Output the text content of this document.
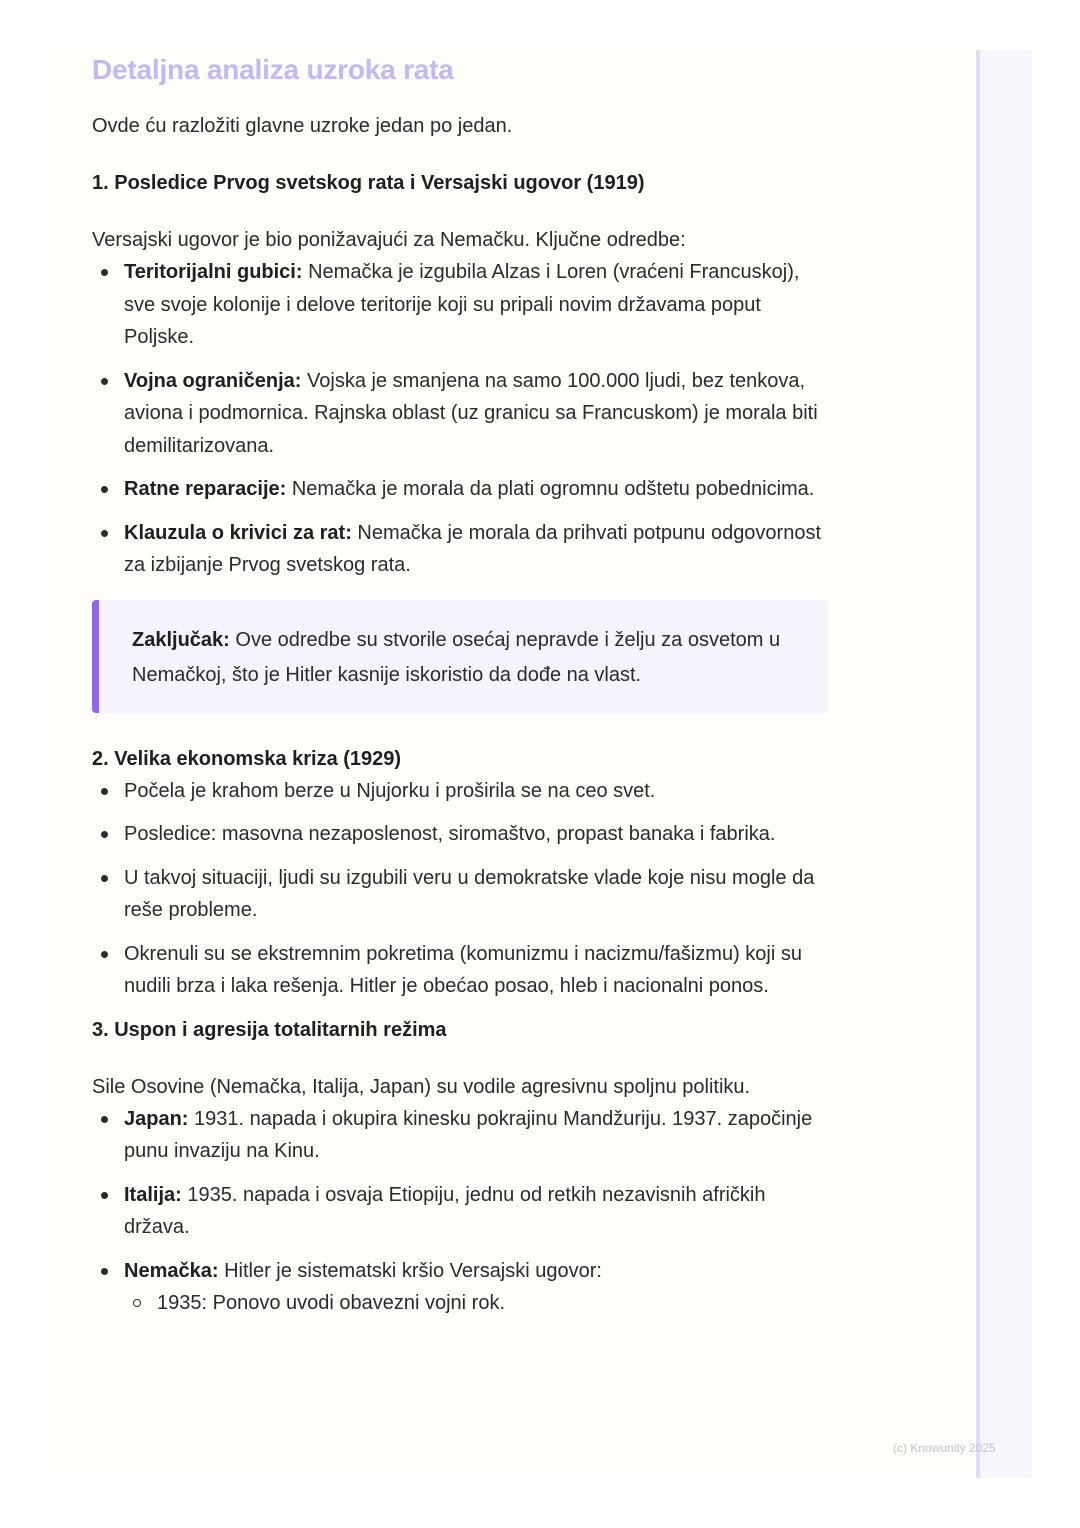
Detaljna analiza uzroka rata

Ovde ću razložiti glavne uzroke jedan po jedan.

1. Posledice Prvog svetskog rata i Versajski ugovor (1919)

Versajski ugovor je bio ponižavajući za Nemačku. Ključne odredbe:

Teritorijalni gubici: Nemačka je izgubila Alzas i Loren (vraćeni Francuskoj), sve svoje kolonije i delove teritorije koji su pripali novim državama poput Poljske.
Vojna ograničenja: Vojska je smanjena na samo 100.000 ljudi, bez tenkova, aviona i podmornica. Rajnska oblast (uz granicu sa Francuskom) je morala biti demilitarizovana.
Ratne reparacije: Nemačka je morala da plati ogromnu odštetu pobednicima.
Klauzula o krivici za rat: Nemačka je morala da prihvati potpunu odgovornost za izbijanje Prvog svetskog rata.
Zaključak: Ove odredbe su stvorile osećaj nepravde i želju za osvetom u Nemačkoj, što je Hitler kasnije iskoristio da dođe na vlast.
2. Velika ekonomska kriza (1929)
Počela je krahom berze u Njujorku i proširila se na ceo svet.
Posledice: masovna nezaposlenost, siromaštvo, propast banaka i fabrika.
U takvoj situaciji, ljudi su izgubili veru u demokratske vlade koje nisu mogle da reše probleme.
Okrenuli su se ekstremnim pokretima (komunizmu i nacizmu/fašizmu) koji su nudili brza i laka rešenja. Hitler je obećao posao, hleb i nacionalni ponos.
3. Uspon i agresija totalitarnih režima

Sile Osovine (Nemačka, Italija, Japan) su vodile agresivnu spoljnu politiku.

Japan: 1931. napada i okupira kinesku pokrajinu Mandžuriju. 1937. započinje punu invaziju na Kinu.
Italija: 1935. napada i osvaja Etiopiju, jednu od retkih nezavisnih afričkih država.
Nemačka: Hitler je sistematski kršio Versajski ugovor:
1935: Ponovo uvodi obavezni vojni rok.
(c) Knowunity 2025
